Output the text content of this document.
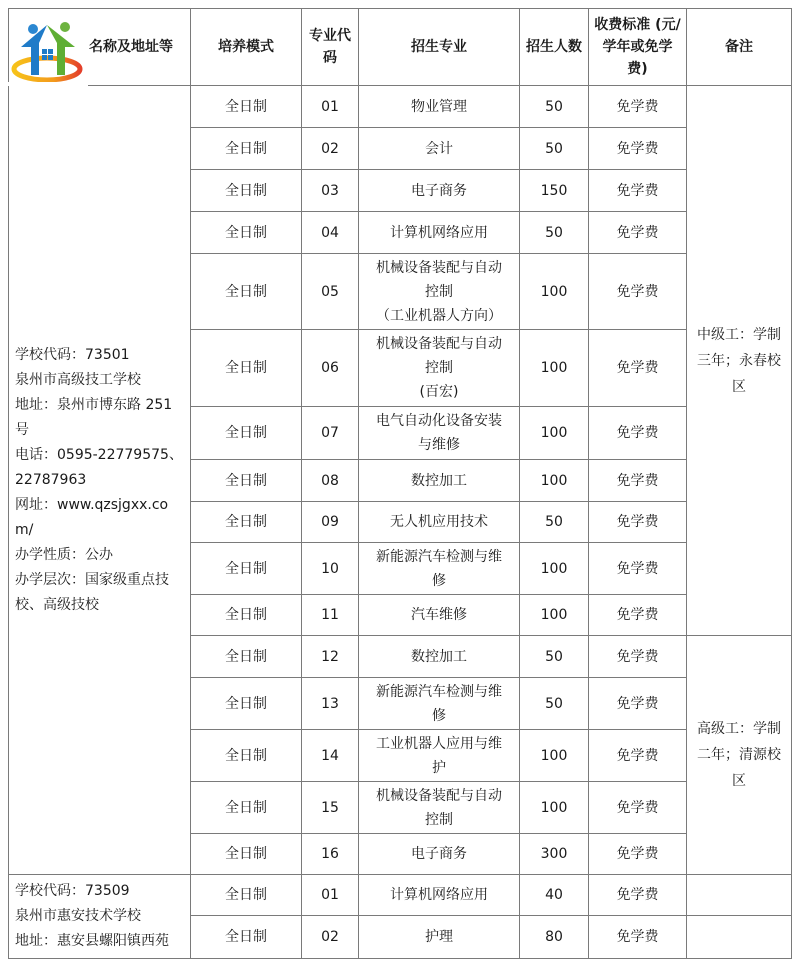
名称及地址等	培养模式	专业代码	招生专业	招生人数	收费标准 (元/学年或免学费)	备注

学校代码：73501
泉州市高级技工学校
地址：泉州市博东路 251号
电话：0595-22779575、22787963
网址：www.qzsjgxx.com/
办学性质：公办
办学层次：国家级重点技校、高级技校
	全日制	01	物业管理	50	免学费	中级工：学制三年；永春校区
	全日制	02	会计	50	免学费	
	全日制	03	电子商务	150	免学费	
	全日制	04	计算机网络应用	50	免学费	
	全日制	05	机械设备装配与自动
控制
（工业机器人方向）	100	免学费	
	全日制	06	机械设备装配与自动
控制
(百宏)	100	免学费	
	全日制	07	电气自动化设备安装
与维修	100	免学费	
	全日制	08	数控加工	100	免学费	
	全日制	09	无人机应用技术	50	免学费	
	全日制	10	新能源汽车检测与维
修	100	免学费	
	全日制	11	汽车维修	100	免学费	
	全日制	12	数控加工	50	免学费	高级工：学制二年；清源校区
	全日制	13	新能源汽车检测与维
修	50	免学费	
	全日制	14	工业机器人应用与维
护	100	免学费	
	全日制	15	机械设备装配与自动
控制	100	免学费	
	全日制	16	电子商务	300	免学费	

学校代码：73509
泉州市惠安技术学校
地址：惠安县螺阳镇西苑	全日制	01	计算机网络应用	40	免学费	
	全日制	02	护理	80	免学费	
